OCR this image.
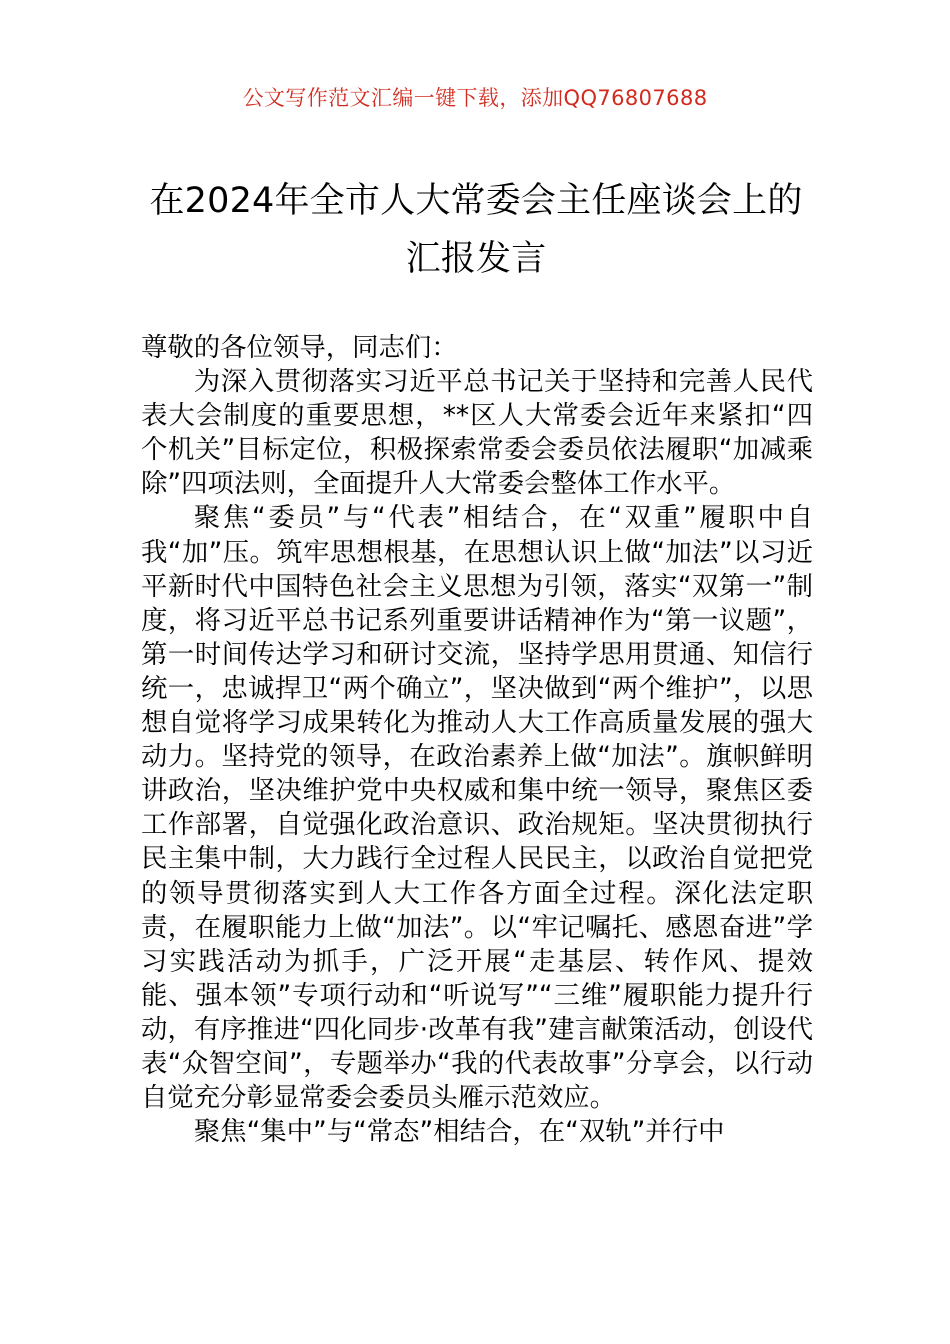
公文写作范文汇编一键下载，添加QQ76807688
在2024年全市人大常委会主任座谈会上的
汇报发言

尊敬的各位领导，同志们：

为深入贯彻落实习近平总书记关于坚持和完善人民代表大会制度的重要思想，**区人大常委会近年来紧扣“四个机关”目标定位，积极探索常委会委员依法履职“加减乘除”四项法则，全面提升人大常委会整体工作水平。

聚焦“委员”与“代表”相结合，在“双重”履职中自我“加”压。筑牢思想根基，在思想认识上做“加法”以习近平新时代中国特色社会主义思想为引领，落实“双第一”制度，将习近平总书记系列重要讲话精神作为“第一议题”，第一时间传达学习和研讨交流，坚持学思用贯通、知信行统一，忠诚捍卫“两个确立”，坚决做到“两个维护”，以思想自觉将学习成果转化为推动人大工作高质量发展的强大动力。坚持党的领导，在政治素养上做“加法”。旗帜鲜明讲政治，坚决维护党中央权威和集中统一领导，聚焦区委工作部署，自觉强化政治意识、政治规矩。坚决贯彻执行民主集中制，大力践行全过程人民民主，以政治自觉把党的领导贯彻落实到人大工作各方面全过程。深化法定职责，在履职能力上做“加法”。以“牢记嘱托、感恩奋进”学习实践活动为抓手，广泛开展“走基层、转作风、提效能、强本领”专项行动和“听说写”“三维”履职能力提升行动，有序推进“四化同步·改革有我”建言献策活动，创设代表“众智空间”，专题举办“我的代表故事”分享会，以行动自觉充分彰显常委会委员头雁示范效应。

聚焦“集中”与“常态”相结合，在“双轨”并行中
